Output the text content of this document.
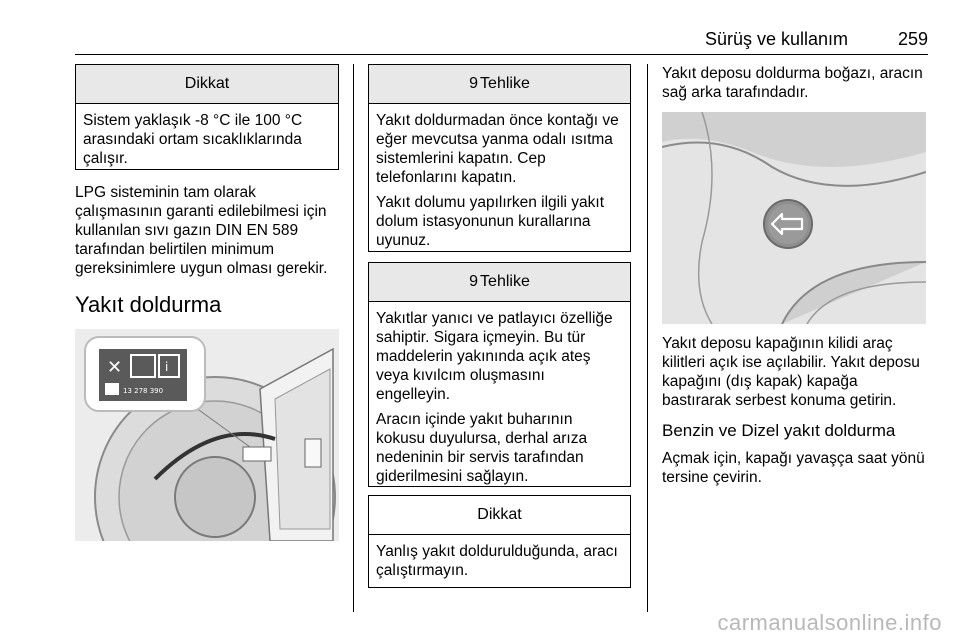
Sürüş ve kullanım	259
Dikkat

Sistem yaklaşık -8 °C ile 100 °C arasındaki ortam sıcaklıklarında çalışır.

LPG sisteminin tam olarak çalışmasının garanti edilebilmesi için kullanılan sıvı gazın DIN EN 589 tarafından belirtilen minimum gereksinimlere uygun olması gerekir.

Yakıt doldurma
✕	i
13 278 390
9 Tehlike

Yakıt doldurmadan önce kontağı ve eğer mevcutsa yanma odalı ısıtma sistemlerini kapatın. Cep telefonlarını kapatın.

Yakıt dolumu yapılırken ilgili yakıt dolum istasyonunun kurallarına uyunuz.

9 Tehlike

Yakıtlar yanıcı ve patlayıcı özelliğe sahiptir. Sigara içmeyin. Bu tür maddelerin yakınında açık ateş veya kıvılcım oluşmasını engelleyin.

Aracın içinde yakıt buharının kokusu duyulursa, derhal arıza nedeninin bir servis tarafından giderilmesini sağlayın.

Dikkat

Yanlış yakıt doldurulduğunda, aracı çalıştırmayın.

Yakıt deposu doldurma boğazı, aracın sağ arka tarafındadır.

Yakıt deposu kapağının kilidi araç kilitleri açık ise açılabilir. Yakıt deposu kapağını (dış kapak) kapağa bastırarak serbest konuma getirin.

Benzin ve Dizel yakıt doldurma

Açmak için, kapağı yavaşça saat yönü tersine çevirin.

carmanualsonline.info
